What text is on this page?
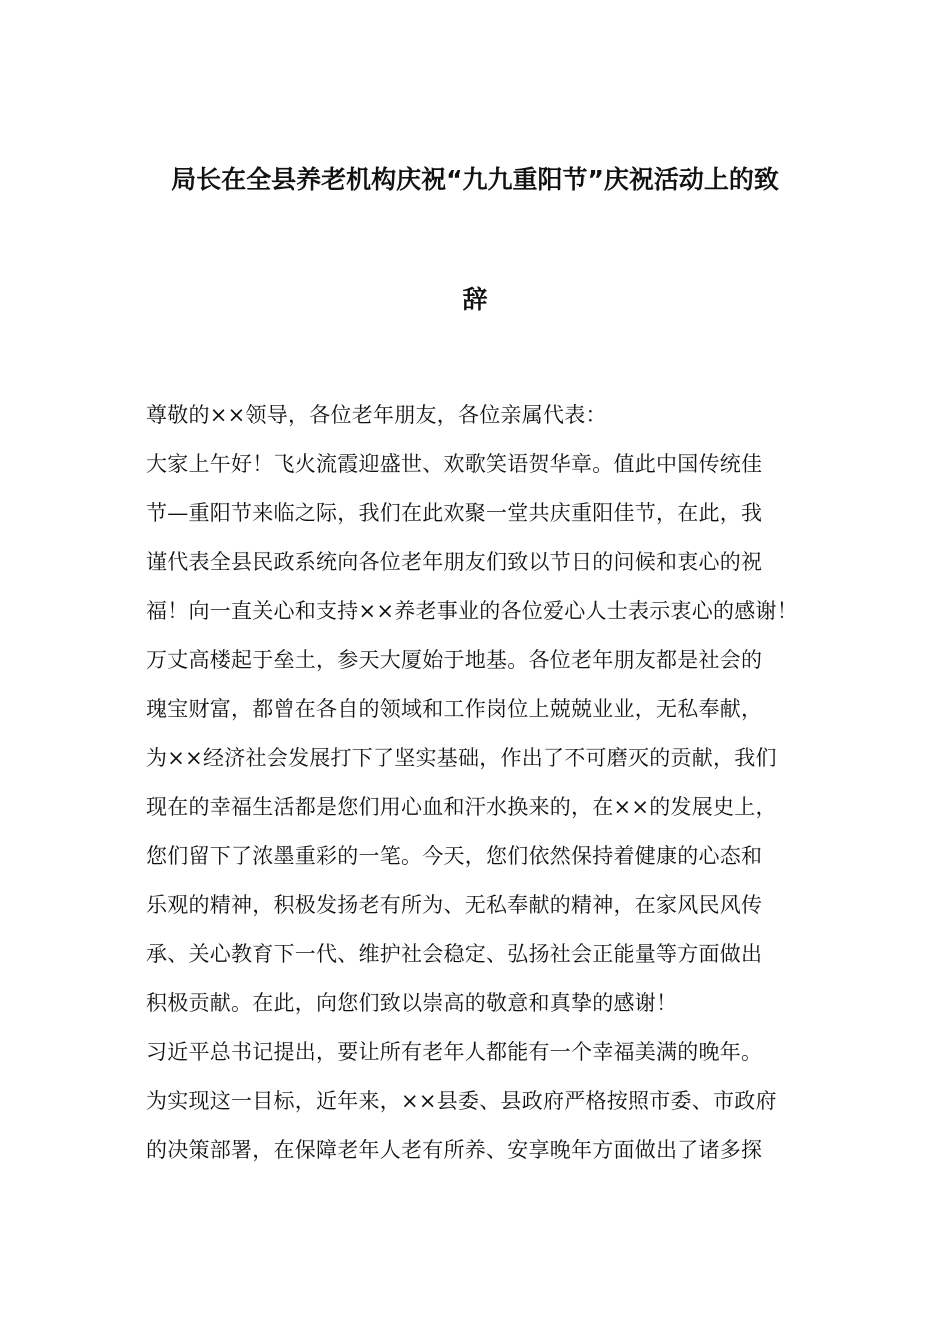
局长在全县养老机构庆祝“九九重阳节”庆祝活动上的致
辞
尊敬的××领导，各位老年朋友，各位亲属代表：
大家上午好！飞火流霞迎盛世、欢歌笑语贺华章。值此中国传统佳
节—重阳节来临之际，我们在此欢聚一堂共庆重阳佳节，在此，我
谨代表全县民政系统向各位老年朋友们致以节日的问候和衷心的祝
福！向一直关心和支持××养老事业的各位爱心人士表示衷心的感谢！
万丈高楼起于垒土，参天大厦始于地基。各位老年朋友都是社会的
瑰宝财富，都曾在各自的领域和工作岗位上兢兢业业，无私奉献，
为××经济社会发展打下了坚实基础，作出了不可磨灭的贡献，我们
现在的幸福生活都是您们用心血和汗水换来的，在××的发展史上，
您们留下了浓墨重彩的一笔。今天，您们依然保持着健康的心态和
乐观的精神，积极发扬老有所为、无私奉献的精神，在家风民风传
承、关心教育下一代、维护社会稳定、弘扬社会正能量等方面做出
积极贡献。在此，向您们致以崇高的敬意和真挚的感谢！
习近平总书记提出，要让所有老年人都能有一个幸福美满的晚年。
为实现这一目标，近年来，××县委、县政府严格按照市委、市政府
的决策部署，在保障老年人老有所养、安享晚年方面做出了诸多探
